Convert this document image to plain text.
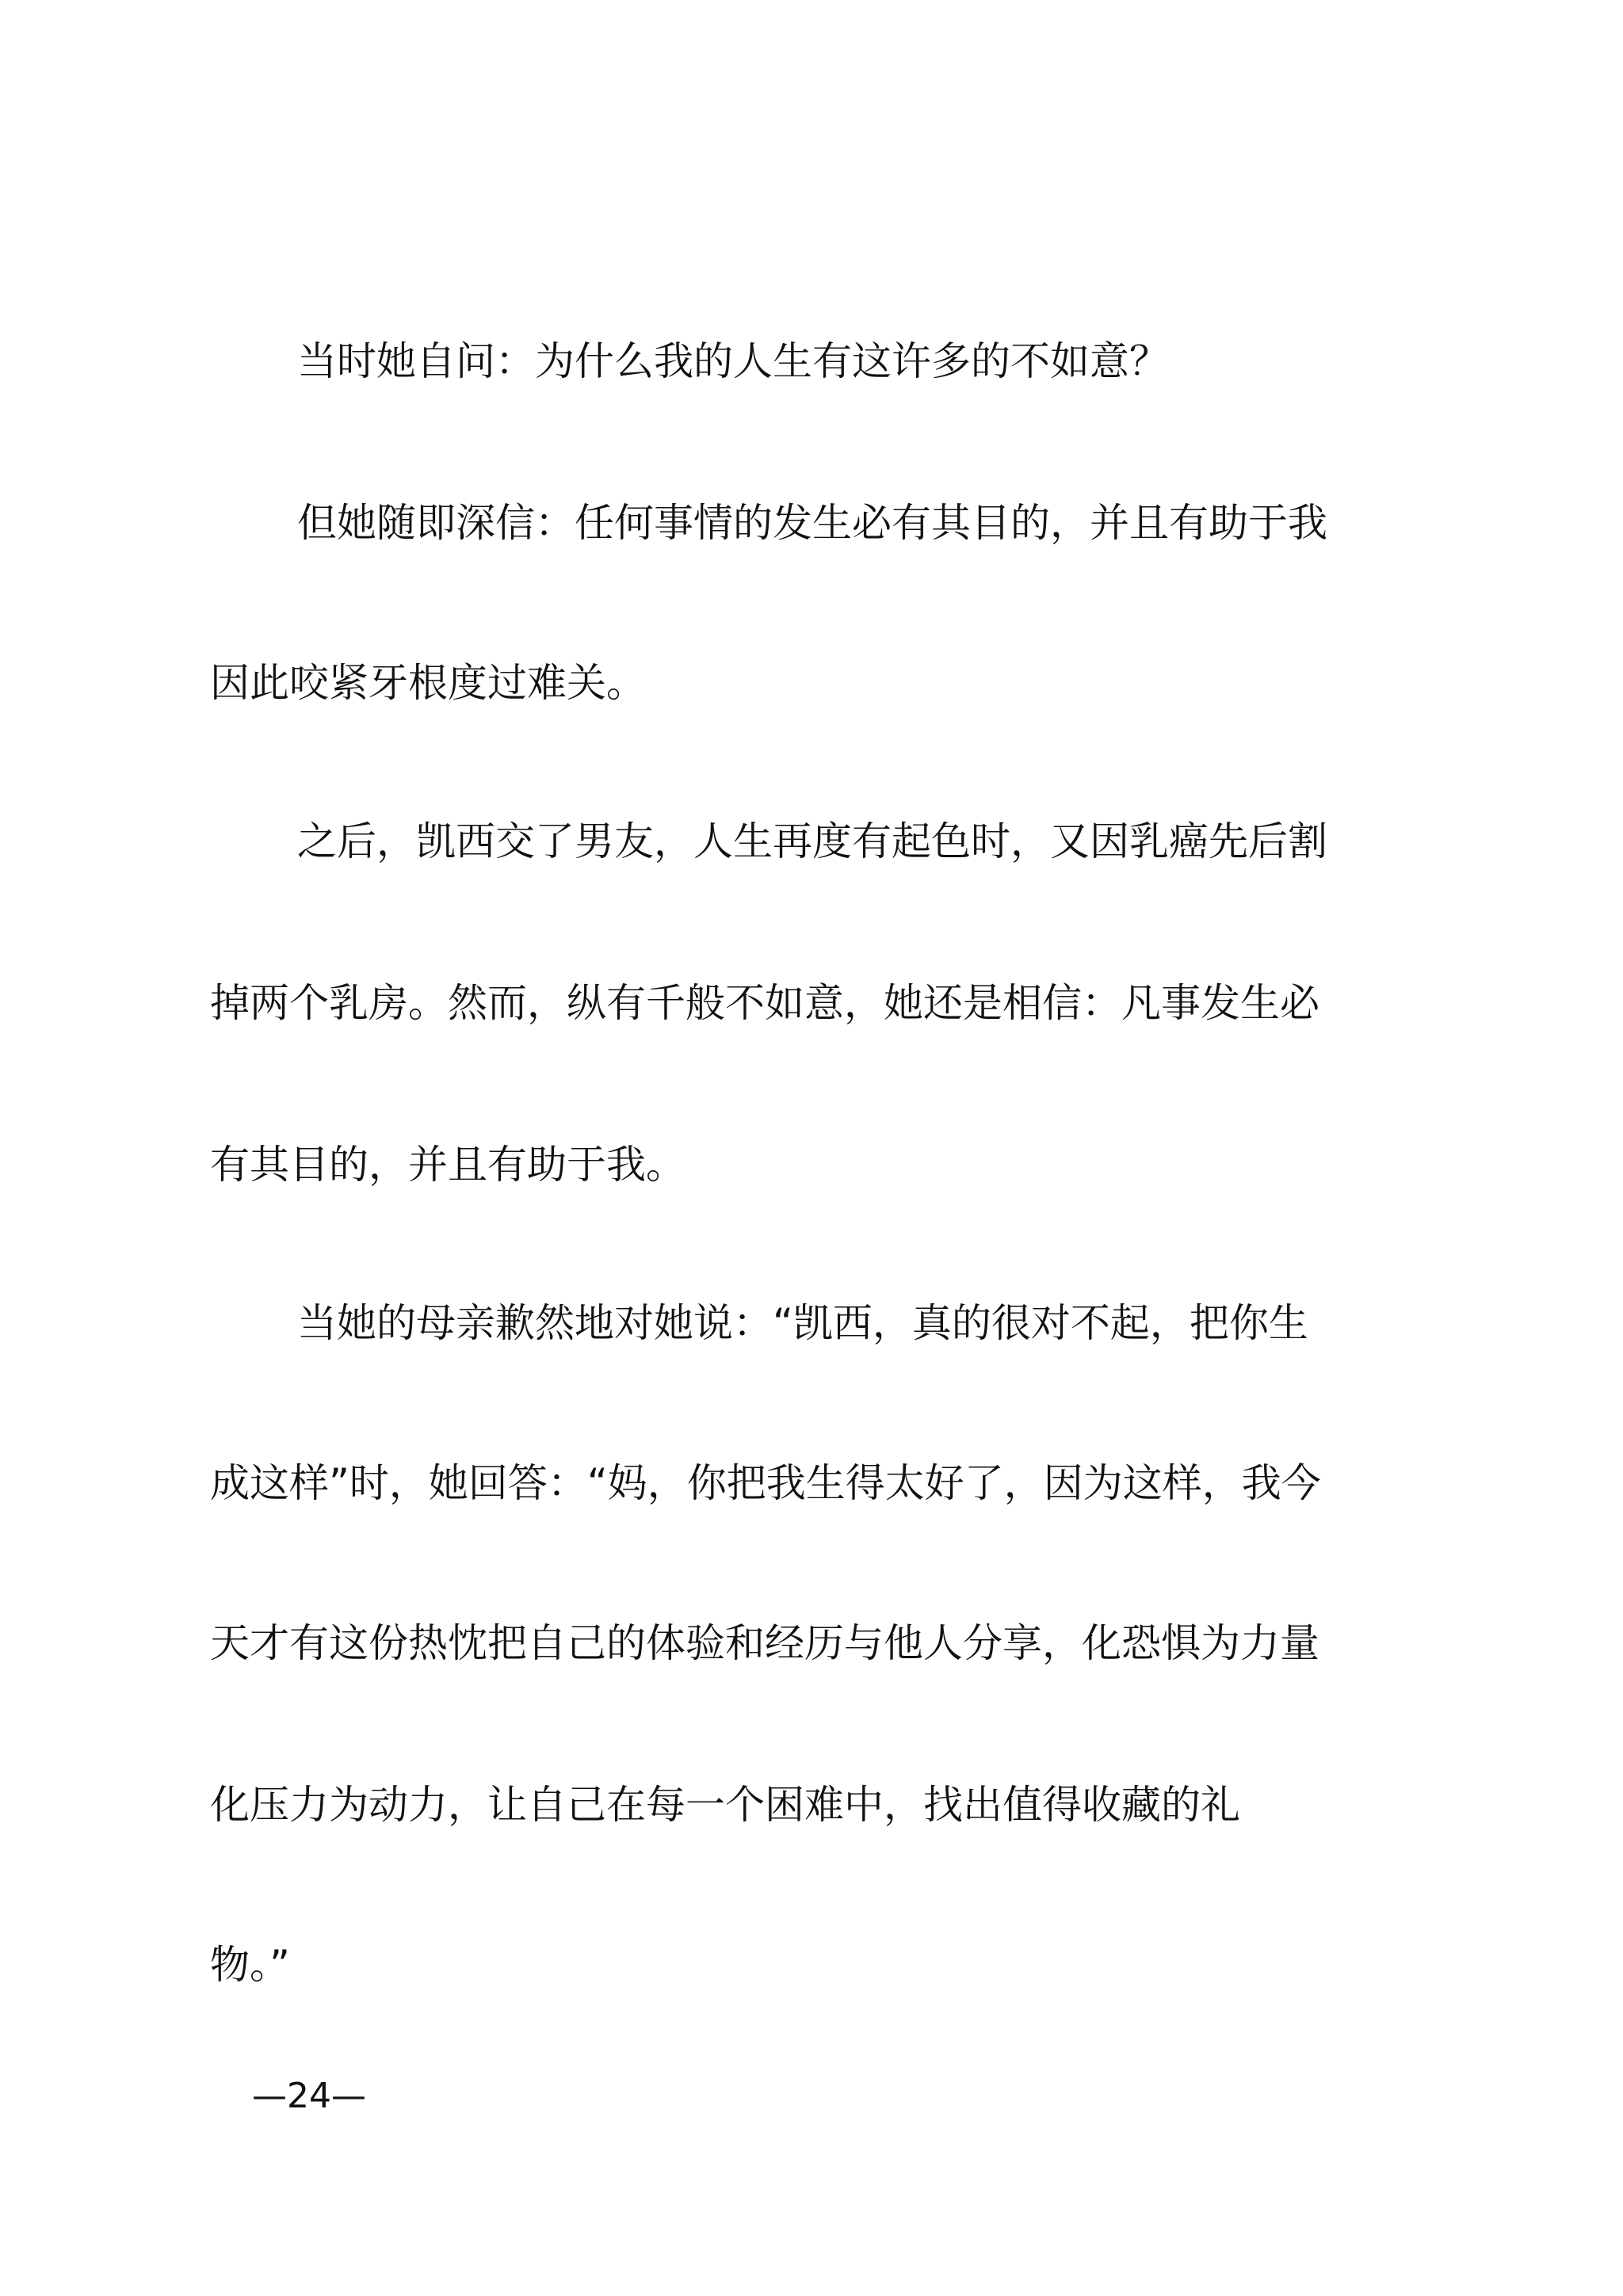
当时她自问：为什么我的人生有这许多的不如意？
但她随即深信：任何事情的发生必有其目的，并且有助于我
因此咬紧牙根度过难关。
之后，凯西交了男友，人生再度有起色时，又因乳癌先后割
掉两个乳房。然而，纵有千般不如意，她还是相信：凡事发生必
有其目的，并且有助于我。
当她的母亲歉然地对她说：“凯西，真的很对不起，把你生
成这样”时，她回答：“妈，你把我生得太好了，因为这样，我今
天才有这份热忱把自己的体验和经历与他人分享，化恐惧为力量
化压力为动力，让自己在每一个困难中，找出值得收藏的礼
物。”
—24—
